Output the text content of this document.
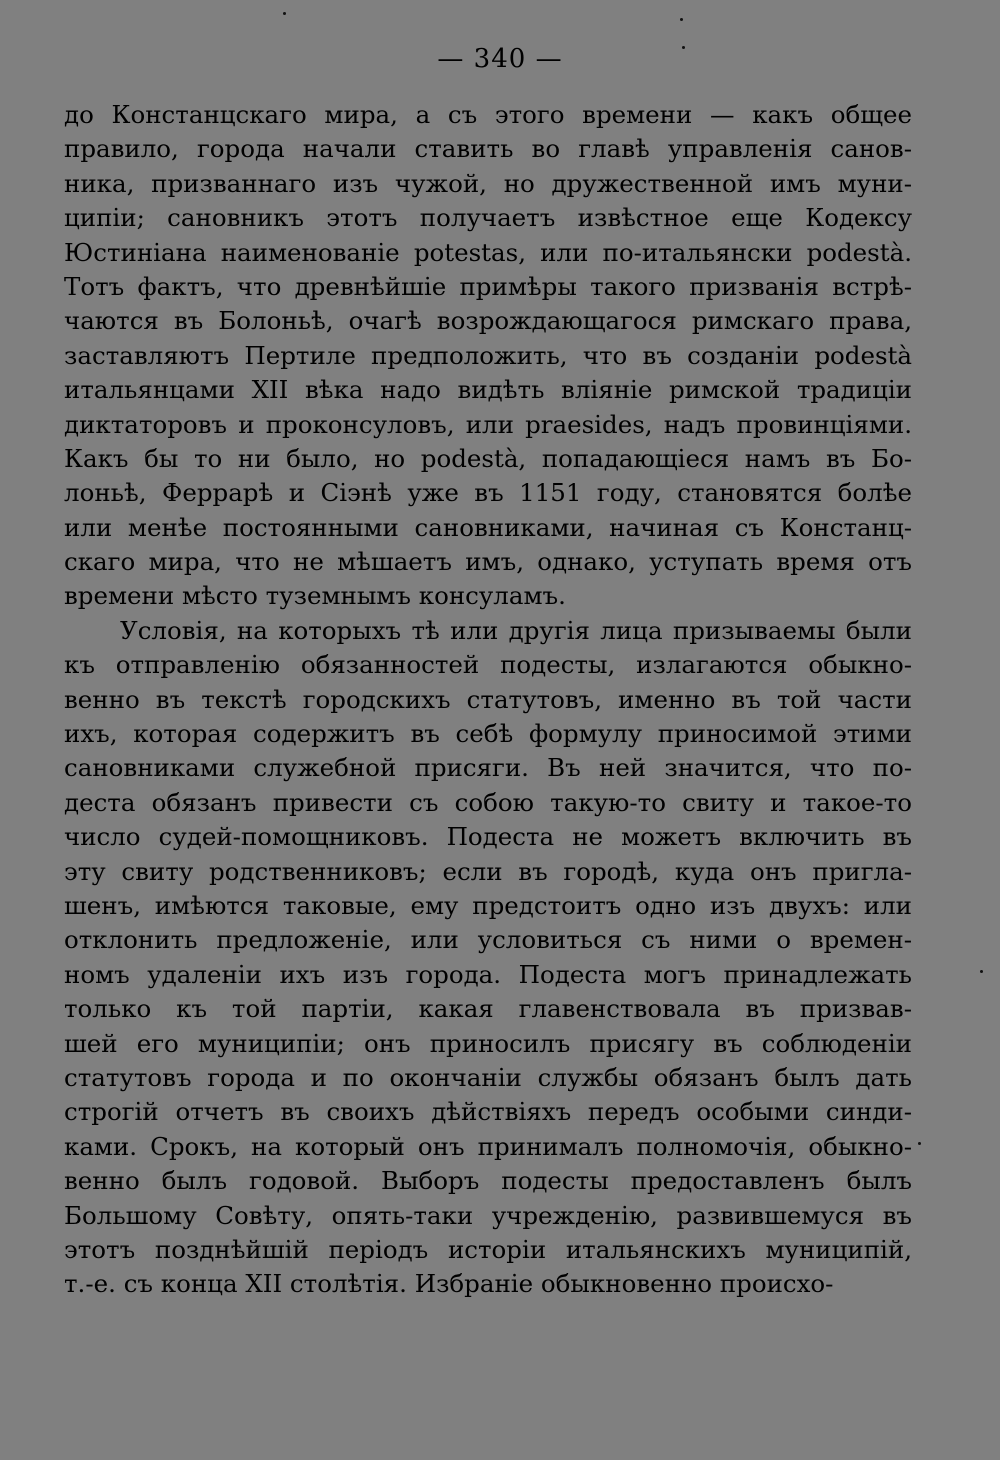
— 340 —
до Констанцскаго мира, а съ этого времени — какъ общее
правило, города начали ставить во главѣ управленія санов-
ника, призваннаго изъ чужой, но дружественной имъ муни-
ципіи; сановникъ этотъ получаетъ извѣстное еще Кодексу
Юстиніана наименованіе potestas, или по-итальянски podestà.
Тотъ фактъ, что древнѣйшіе примѣры такого призванія встрѣ-
чаются въ Болоньѣ, очагѣ возрождающагося римскаго права,
заставляютъ Пертиле предположить, что въ созданіи podestà
итальянцами XII вѣка надо видѣть вліяніе римской традиціи
диктаторовъ и проконсуловъ, или praesides, надъ провинціями.
Какъ бы то ни было, но podestà, попадающіеся намъ въ Бо-
лоньѣ, Феррарѣ и Сіэнѣ уже въ 1151 году, становятся болѣе
или менѣе постоянными сановниками, начиная съ Констанц-
скаго мира, что не мѣшаетъ имъ, однако, уступать время отъ
времени мѣсто туземнымъ консуламъ.
Условія, на которыхъ тѣ или другія лица призываемы были
къ отправленію обязанностей подесты, излагаются обыкно-
венно въ текстѣ городскихъ статутовъ, именно въ той части
ихъ, которая содержитъ въ себѣ формулу приносимой этими
сановниками служебной присяги. Въ ней значится, что по-
деста обязанъ привести съ собою такую-то свиту и такое-то
число судей-помощниковъ. Подеста не можетъ включить въ
эту свиту родственниковъ; если въ городѣ, куда онъ пригла-
шенъ, имѣются таковые, ему предстоитъ одно изъ двухъ: или
отклонить предложеніе, или условиться съ ними о времен-
номъ удаленіи ихъ изъ города. Подеста могъ принадлежать
только къ той партіи, какая главенствовала въ призвав-
шей его муниципіи; онъ приносилъ присягу въ соблюденіи
статутовъ города и по окончаніи службы обязанъ былъ дать
строгій отчетъ въ своихъ дѣйствіяхъ передъ особыми синди-
ками. Срокъ, на который онъ принималъ полномочія, обыкно-
венно былъ годовой. Выборъ подесты предоставленъ былъ
Большому Совѣту, опять-таки учрежденію, развившемуся въ
этотъ позднѣйшій періодъ исторіи итальянскихъ муниципій,
т.-е. съ конца XII столѣтія. Избраніе обыкновенно происхо-
